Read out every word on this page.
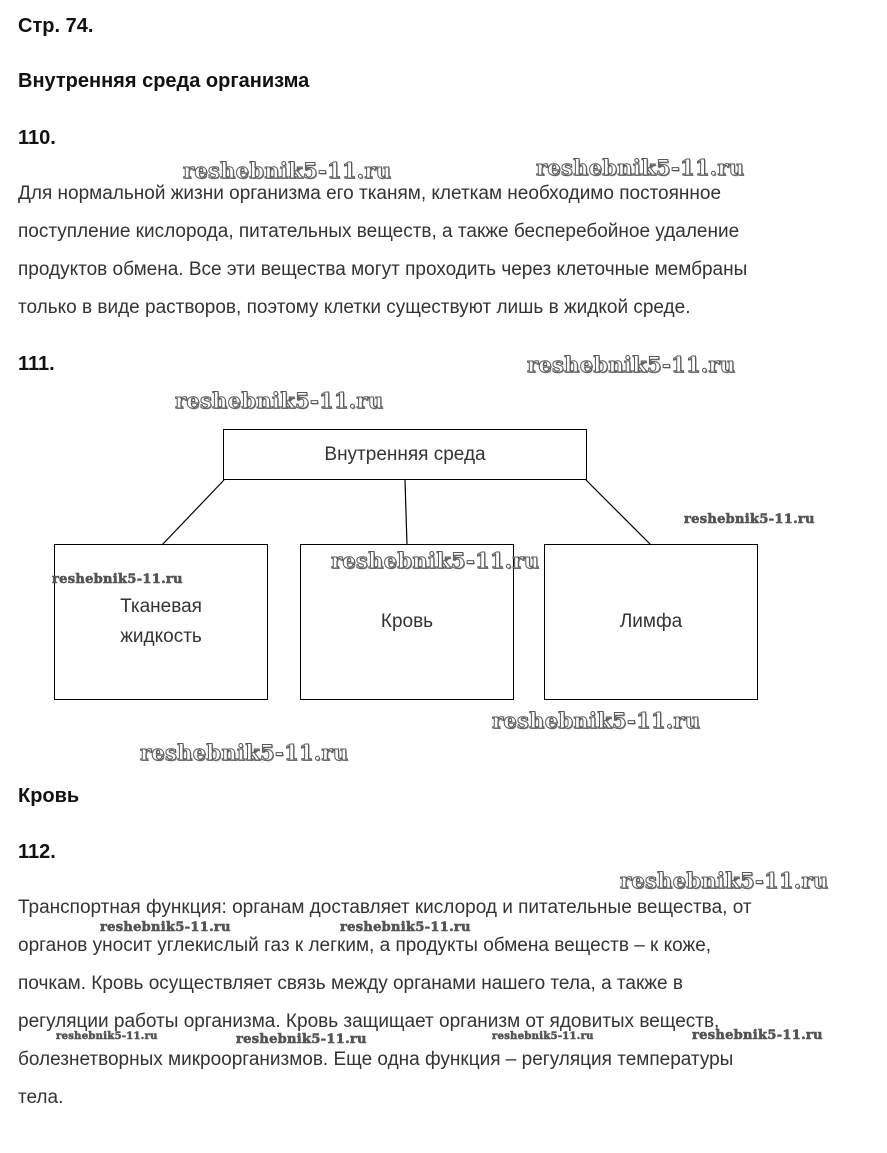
Стр. 74.
Внутренняя среда организма
110.
Для нормальной жизни организма его тканям, клеткам необходимо постоянное
поступление кислорода, питательных веществ, а также бесперебойное удаление
продуктов обмена. Все эти вещества могут проходить через клеточные мембраны
только в виде растворов, поэтому клетки существуют лишь в жидкой среде.
111.
Внутренняя среда
Тканевая жидкость
Кровь	Лимфа
Кровь
112.
Транспортная функция: органам доставляет кислород и питательные вещества, от
органов уносит углекислый газ к легким, а продукты обмена веществ – к коже,
почкам. Кровь осуществляет связь между органами нашего тела, а также в
регуляции работы организма. Кровь защищает организм от ядовитых веществ,
болезнетворных микроорганизмов. Еще одна функция – регуляция температуры
тела.
reshebnik5-11.ru	reshebnik5-11.ru
reshebnik5-11.ru
reshebnik5-11.ru
reshebnik5-11.ru
reshebnik5-11.ru
reshebnik5-11.ru
reshebnik5-11.ru
reshebnik5-11.ru
reshebnik5-11.ru
reshebnik5-11.ru	reshebnik5-11.ru
reshebnik5-11.ru	reshebnik5-11.ru	reshebnik5-11.ru	reshebnik5-11.ru
